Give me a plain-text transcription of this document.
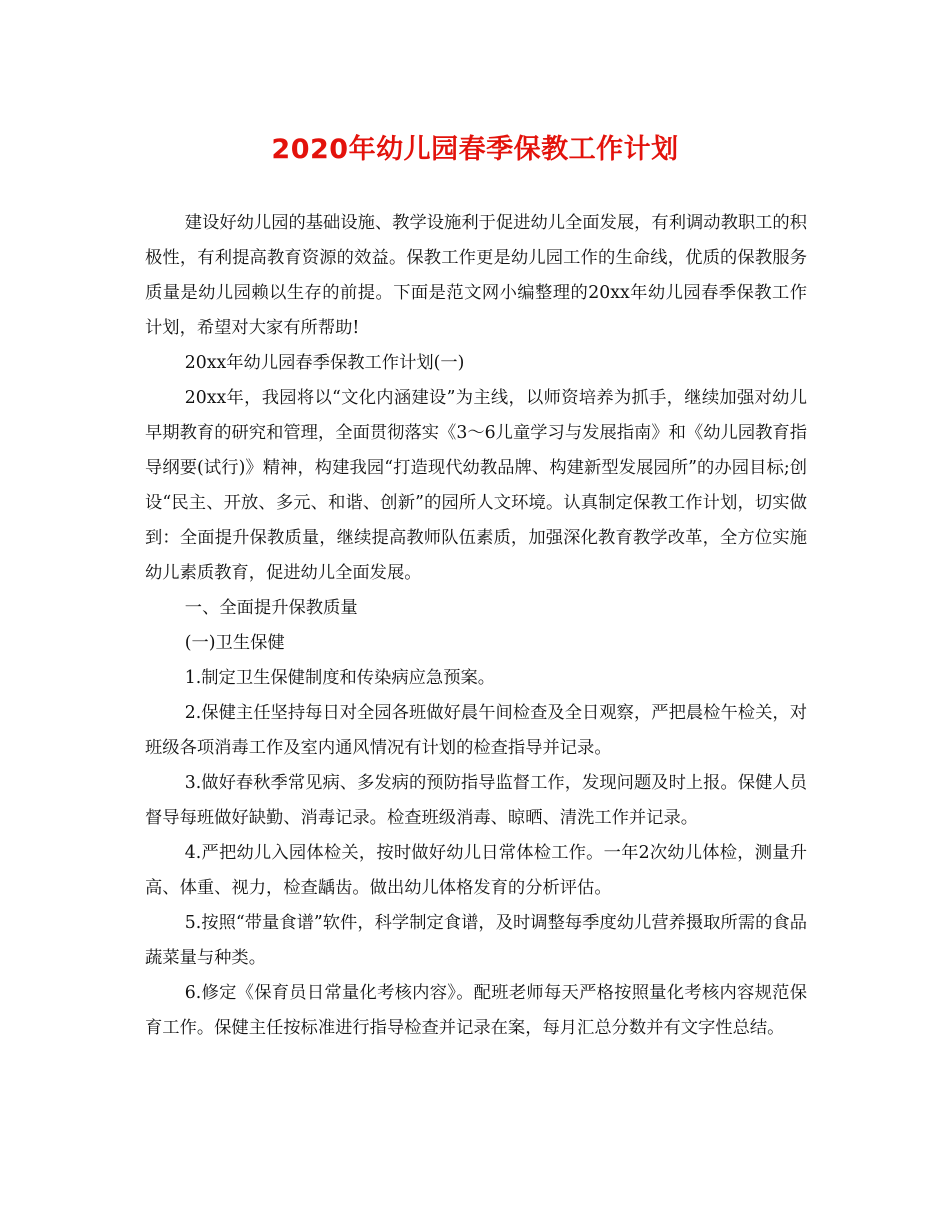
2020年幼儿园春季保教工作计划

建设好幼儿园的基础设施、教学设施利于促进幼儿全面发展，有利调动教职工的积极性，有利提高教育资源的效益。保教工作更是幼儿园工作的生命线，优质的保教服务质量是幼儿园赖以生存的前提。下面是范文网小编整理的20xx年幼儿园春季保教工作计划，希望对大家有所帮助!

20xx年幼儿园春季保教工作计划(一)

20xx年，我园将以“文化内涵建设”为主线，以师资培养为抓手，继续加强对幼儿早期教育的研究和管理，全面贯彻落实《3～6儿童学习与发展指南》和《幼儿园教育指导纲要(试行)》精神，构建我园“打造现代幼教品牌、构建新型发展园所”的办园目标;创设“民主、开放、多元、和谐、创新”的园所人文环境。认真制定保教工作计划，切实做到：全面提升保教质量，继续提高教师队伍素质，加强深化教育教学改革，全方位实施幼儿素质教育，促进幼儿全面发展。

一、全面提升保教质量

(一)卫生保健

1.制定卫生保健制度和传染病应急预案。

2.保健主任坚持每日对全园各班做好晨午间检查及全日观察，严把晨检午检关，对班级各项消毒工作及室内通风情况有计划的检查指导并记录。

3.做好春秋季常见病、多发病的预防指导监督工作，发现问题及时上报。保健人员督导每班做好缺勤、消毒记录。检查班级消毒、晾晒、清洗工作并记录。

4.严把幼儿入园体检关，按时做好幼儿日常体检工作。一年2次幼儿体检，测量升高、体重、视力，检查龋齿。做出幼儿体格发育的分析评估。

5.按照“带量食谱”软件，科学制定食谱，及时调整每季度幼儿营养摄取所需的食品蔬菜量与种类。

6.修定《保育员日常量化考核内容》。配班老师每天严格按照量化考核内容规范保育工作。保健主任按标准进行指导检查并记录在案，每月汇总分数并有文字性总结。
